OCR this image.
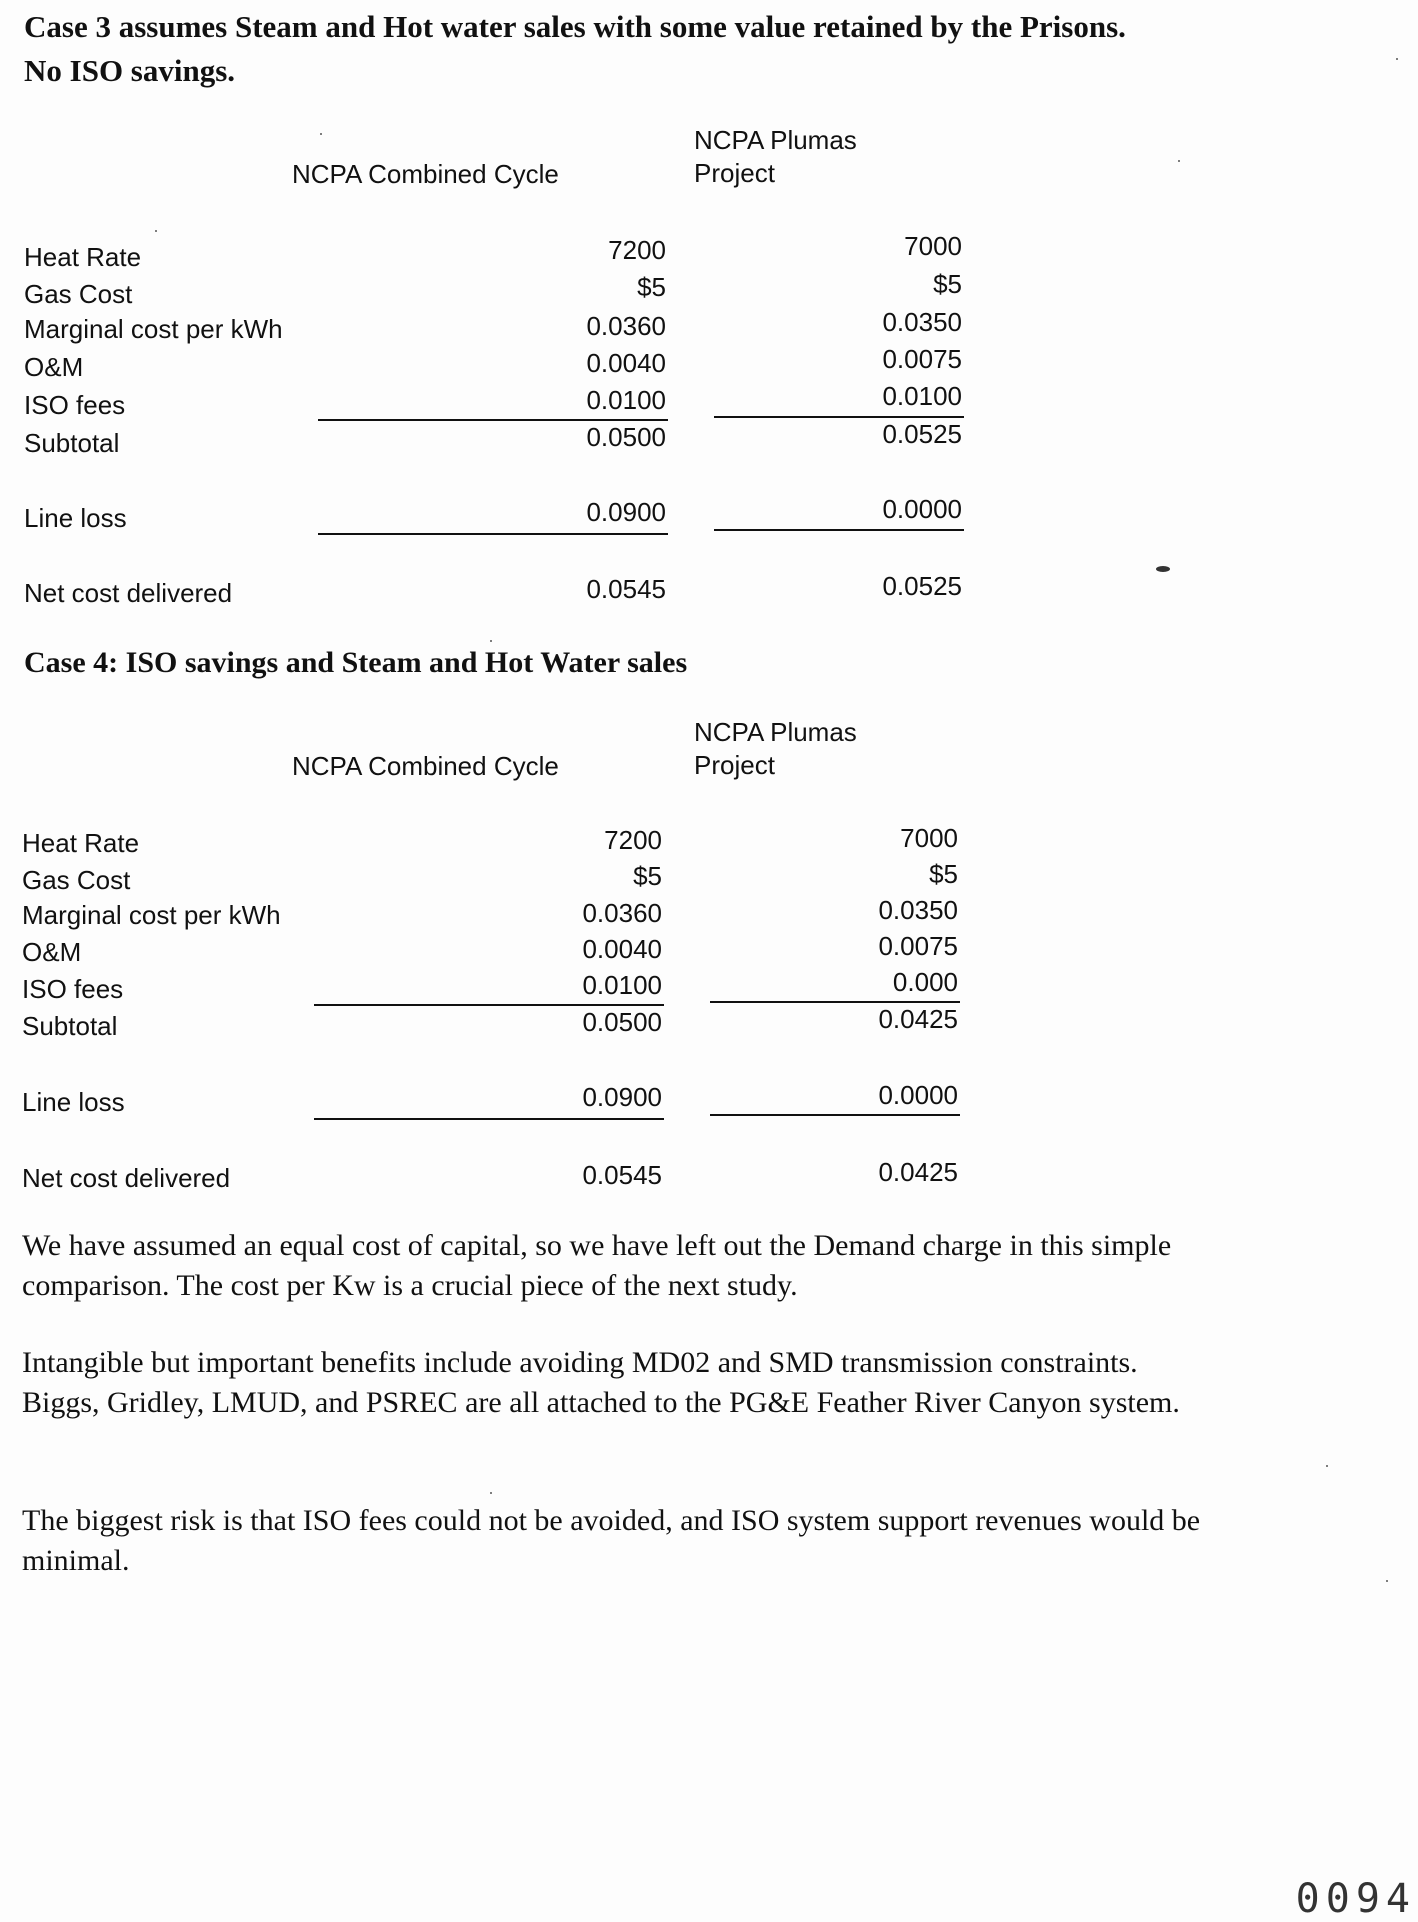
Case 3 assumes Steam and Hot water sales with some value retained by the Prisons.

No ISO savings.

NCPA Combined Cycle
NCPA Plumas
Project
Heat Rate	7200	7000
Gas Cost	$5	$5
Marginal cost per kWh	0.0360	0.0350
O&M	0.0040	0.0075
ISO fees	0.0100	0.0100
Subtotal	0.0500	0.0525
Line loss	0.0900	0.0000
Net cost delivered	0.0545	0.0525

Case 4: ISO savings and Steam and Hot Water sales

NCPA Combined Cycle
NCPA Plumas
Project
Heat Rate	7200	7000
Gas Cost	$5	$5
Marginal cost per kWh	0.0360	0.0350
O&M	0.0040	0.0075
ISO fees	0.0100	0.000
Subtotal	0.0500	0.0425
Line loss	0.0900	0.0000
Net cost delivered	0.0545	0.0425

We have assumed an equal cost of capital, so we have left out the Demand charge in this simple comparison. The cost per Kw is a crucial piece of the next study.

Intangible but important benefits include avoiding MD02 and SMD transmission constraints. Biggs, Gridley, LMUD, and PSREC are all attached to the PG&E Feather River Canyon system.

The biggest risk is that ISO fees could not be avoided, and ISO system support revenues would be minimal.

0094
